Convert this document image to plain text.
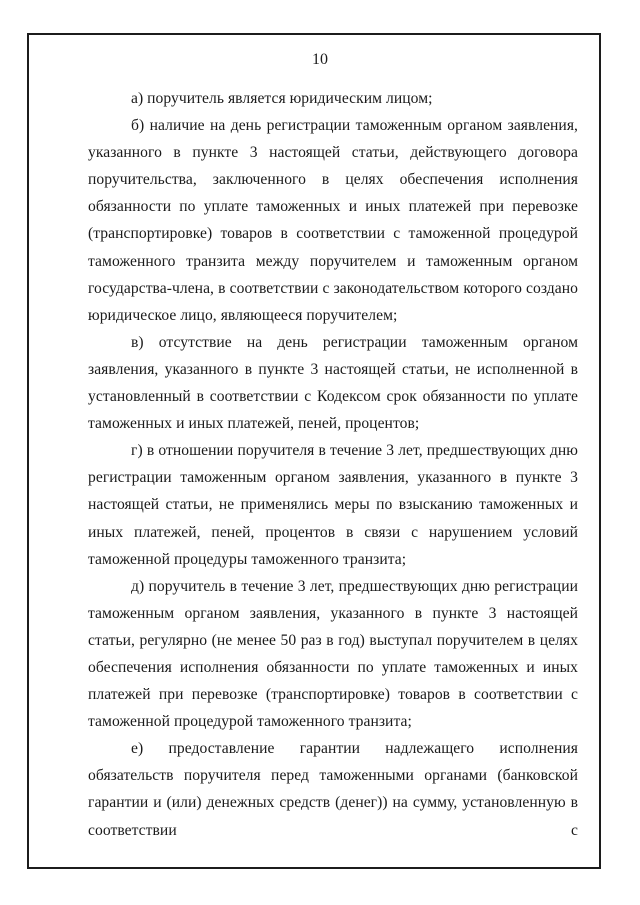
10

а) поручитель является юридическим лицом;

б) наличие на день регистрации таможенным органом заявления, указанного в пункте 3 настоящей статьи, действующего договора поручительства, заключенного в целях обеспечения исполнения обязанности по уплате таможенных и иных платежей при перевозке (транспортировке) товаров в соответствии с таможенной процедурой таможенного транзита между поручителем и таможенным органом государства-члена, в соответствии с законодательством которого создано юридическое лицо, являющееся поручителем;

в) отсутствие на день регистрации таможенным органом заявления, указанного в пункте 3 настоящей статьи, не исполненной в установленный в соответствии с Кодексом срок обязанности по уплате таможенных и иных платежей, пеней, процентов;

г) в отношении поручителя в течение 3 лет, предшествующих дню регистрации таможенным органом заявления, указанного в пункте 3 настоящей статьи, не применялись меры по взысканию таможенных и иных платежей, пеней, процентов в связи с нарушением условий таможенной процедуры таможенного транзита;

д) поручитель в течение 3 лет, предшествующих дню регистрации таможенным органом заявления, указанного в пункте 3 настоящей статьи, регулярно (не менее 50 раз в год) выступал поручителем в целях обеспечения исполнения обязанности по уплате таможенных и иных платежей при перевозке (транспортировке) товаров в соответствии с таможенной процедурой таможенного транзита;

е) предоставление гарантии надлежащего исполнения обязательств поручителя перед таможенными органами (банковской гарантии и (или) денежных средств (денег)) на сумму, установленную в соответствии с
